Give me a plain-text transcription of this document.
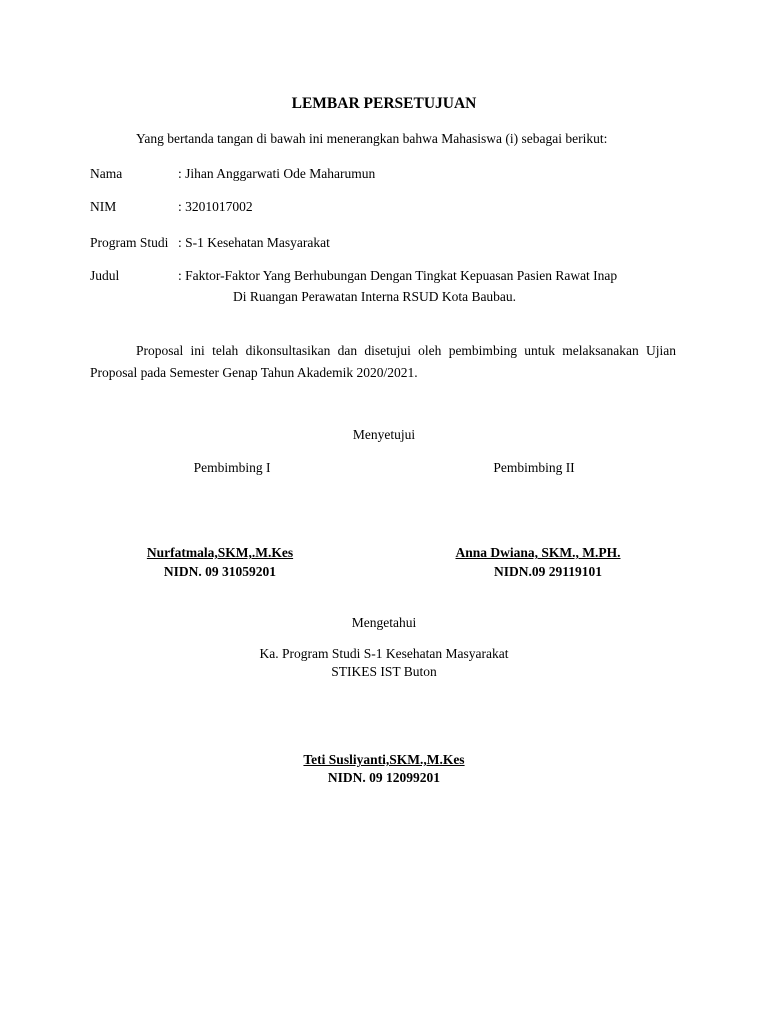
LEMBAR PERSETUJUAN
Yang bertanda tangan di bawah ini menerangkan bahwa Mahasiswa (i) sebagai berikut:
Nama	: Jihan Anggarwati Ode Maharumun
NIM	: 3201017002
Program Studi : S-1 Kesehatan Masyarakat
Judul	: Faktor-Faktor Yang Berhubungan Dengan Tingkat Kepuasan Pasien Rawat Inap
Di Ruangan Perawatan Interna RSUD Kota Baubau.
Proposal ini telah dikonsultasikan dan disetujui oleh pembimbing untuk melaksanakan Ujian Proposal pada Semester Genap Tahun Akademik 2020/2021.
Menyetujui
Pembimbing I	Pembimbing II
Nurfatmala,SKM,.M.Kes
NIDN. 09 31059201
Anna Dwiana, SKM., M.PH.
NIDN.09 29119101
Mengetahui
Ka. Program Studi S-1 Kesehatan Masyarakat
STIKES IST Buton
Teti Susliyanti,SKM.,M.Kes
NIDN. 09 12099201
